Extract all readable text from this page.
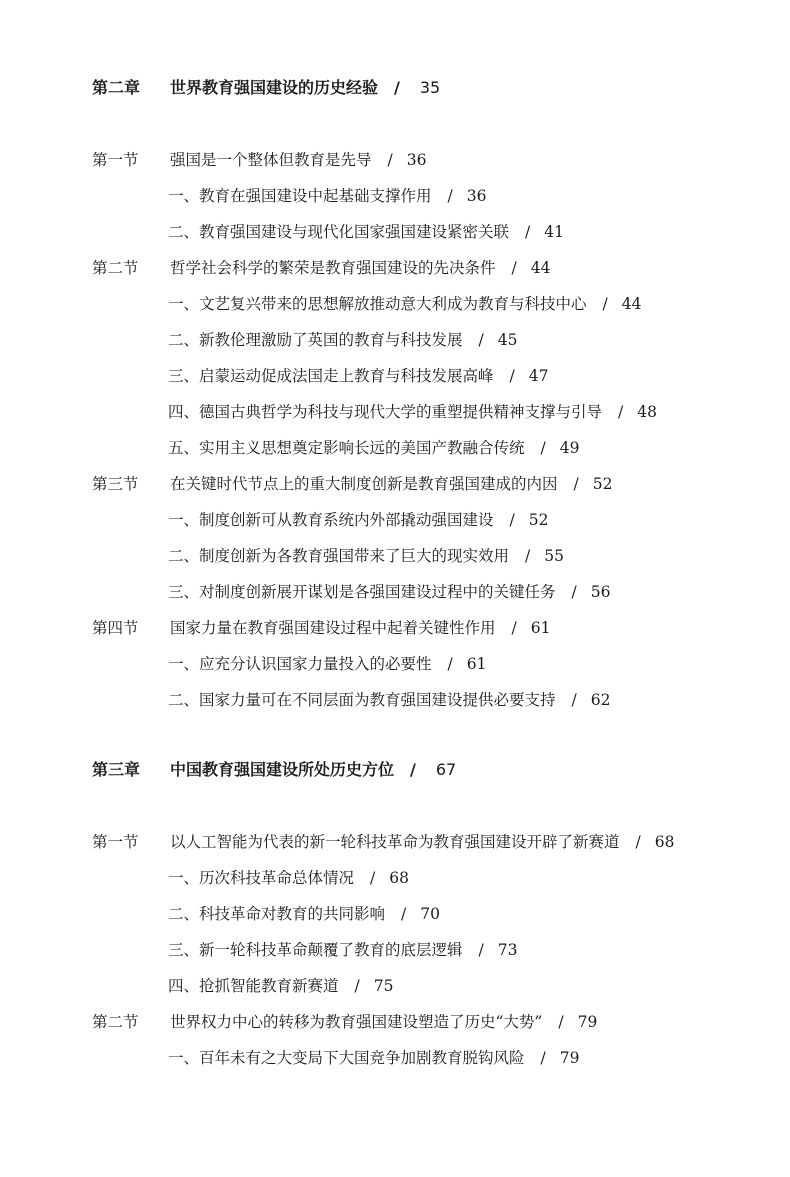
第二章 世界教育强国建设的历史经验 / 35
第一节 强国是一个整体但教育是先导 / 36
一、教育在强国建设中起基础支撑作用 / 36
二、教育强国建设与现代化国家强国建设紧密关联 / 41
第二节 哲学社会科学的繁荣是教育强国建设的先决条件 / 44
一、文艺复兴带来的思想解放推动意大利成为教育与科技中心 / 44
二、新教伦理激励了英国的教育与科技发展 / 45
三、启蒙运动促成法国走上教育与科技发展高峰 / 47
四、德国古典哲学为科技与现代大学的重塑提供精神支撑与引导 / 48
五、实用主义思想奠定影响长远的美国产教融合传统 / 49
第三节 在关键时代节点上的重大制度创新是教育强国建成的内因 / 52
一、制度创新可从教育系统内外部撬动强国建设 / 52
二、制度创新为各教育强国带来了巨大的现实效用 / 55
三、对制度创新展开谋划是各强国建设过程中的关键任务 / 56
第四节 国家力量在教育强国建设过程中起着关键性作用 / 61
一、应充分认识国家力量投入的必要性 / 61
二、国家力量可在不同层面为教育强国建设提供必要支持 / 62
第三章 中国教育强国建设所处历史方位 / 67
第一节 以人工智能为代表的新一轮科技革命为教育强国建设开辟了新赛道 / 68
一、历次科技革命总体情况 / 68
二、科技革命对教育的共同影响 / 70
三、新一轮科技革命颠覆了教育的底层逻辑 / 73
四、抢抓智能教育新赛道 / 75
第二节 世界权力中心的转移为教育强国建设塑造了历史“大势” / 79
一、百年未有之大变局下大国竞争加剧教育脱钩风险 / 79
